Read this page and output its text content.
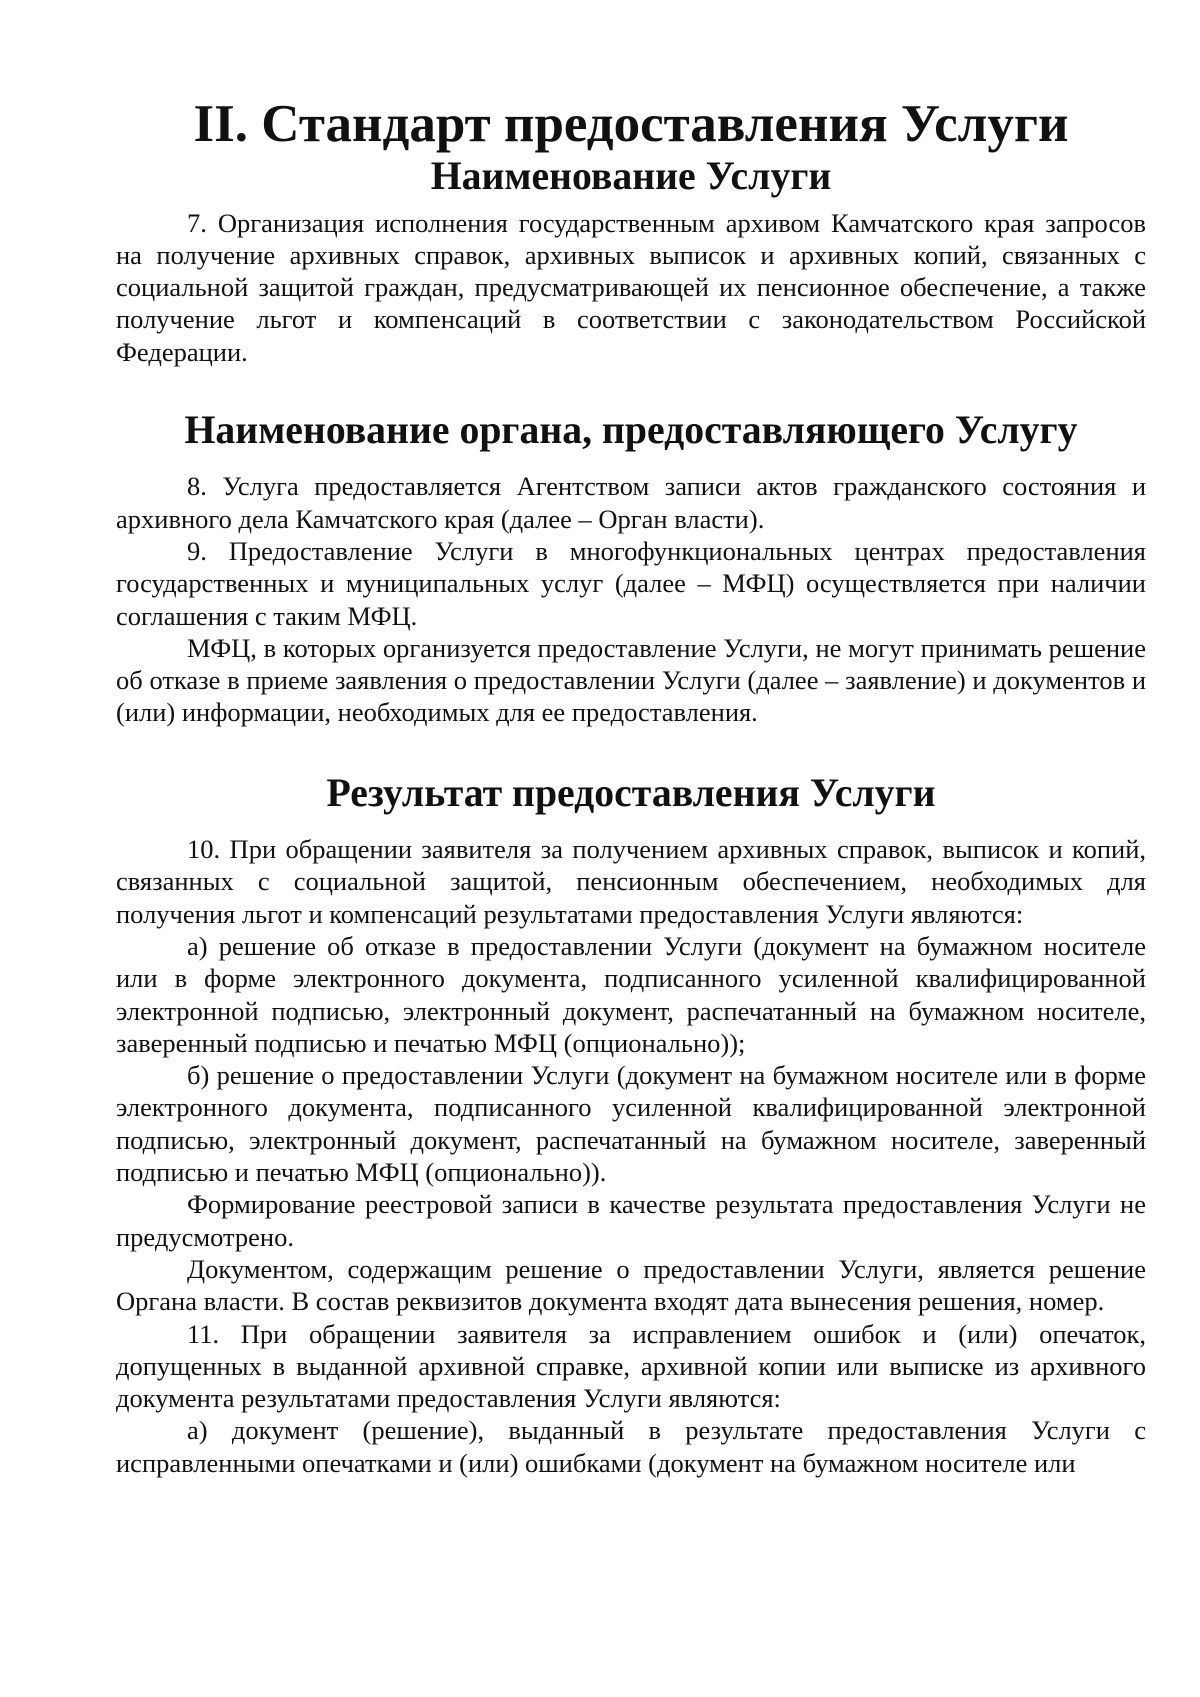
II. Стандарт предоставления Услуги
Наименование Услуги

7. Организация исполнения государственным архивом Камчатского края запросов на получение архивных справок, архивных выписок и архивных копий, связанных с социальной защитой граждан, предусматривающей их пенсионное обеспечение, а также получение льгот и компенсаций в соответствии с законодательством Российской Федерации.

Наименование органа, предоставляющего Услугу

8. Услуга предоставляется Агентством записи актов гражданского состояния и архивного дела Камчатского края (далее – Орган власти).

9. Предоставление Услуги в многофункциональных центрах предоставления государственных и муниципальных услуг (далее – МФЦ) осуществляется при наличии соглашения с таким МФЦ.

МФЦ, в которых организуется предоставление Услуги, не могут принимать решение об отказе в приеме заявления о предоставлении Услуги (далее – заявление) и документов и (или) информации, необходимых для ее предоставления.

Результат предоставления Услуги

10. При обращении заявителя за получением архивных справок, выписок и копий, связанных с социальной защитой, пенсионным обеспечением, необходимых для получения льгот и компенсаций результатами предоставления Услуги являются:

а) решение об отказе в предоставлении Услуги (документ на бумажном носителе или в форме электронного документа, подписанного усиленной квалифицированной электронной подписью, электронный документ, распечатанный на бумажном носителе, заверенный подписью и печатью МФЦ (опционально));

б) решение о предоставлении Услуги (документ на бумажном носителе или в форме электронного документа, подписанного усиленной квалифицированной электронной подписью, электронный документ, распечатанный на бумажном носителе, заверенный подписью и печатью МФЦ (опционально)).

Формирование реестровой записи в качестве результата предоставления Услуги не предусмотрено.

Документом, содержащим решение о предоставлении Услуги, является решение Органа власти. В состав реквизитов документа входят дата вынесения решения, номер.

11. При обращении заявителя за исправлением ошибок и (или) опечаток, допущенных в выданной архивной справке, архивной копии или выписке из архивного документа результатами предоставления Услуги являются:

а) документ (решение), выданный в результате предоставления Услуги с исправленными опечатками и (или) ошибками (документ на бумажном носителе или
